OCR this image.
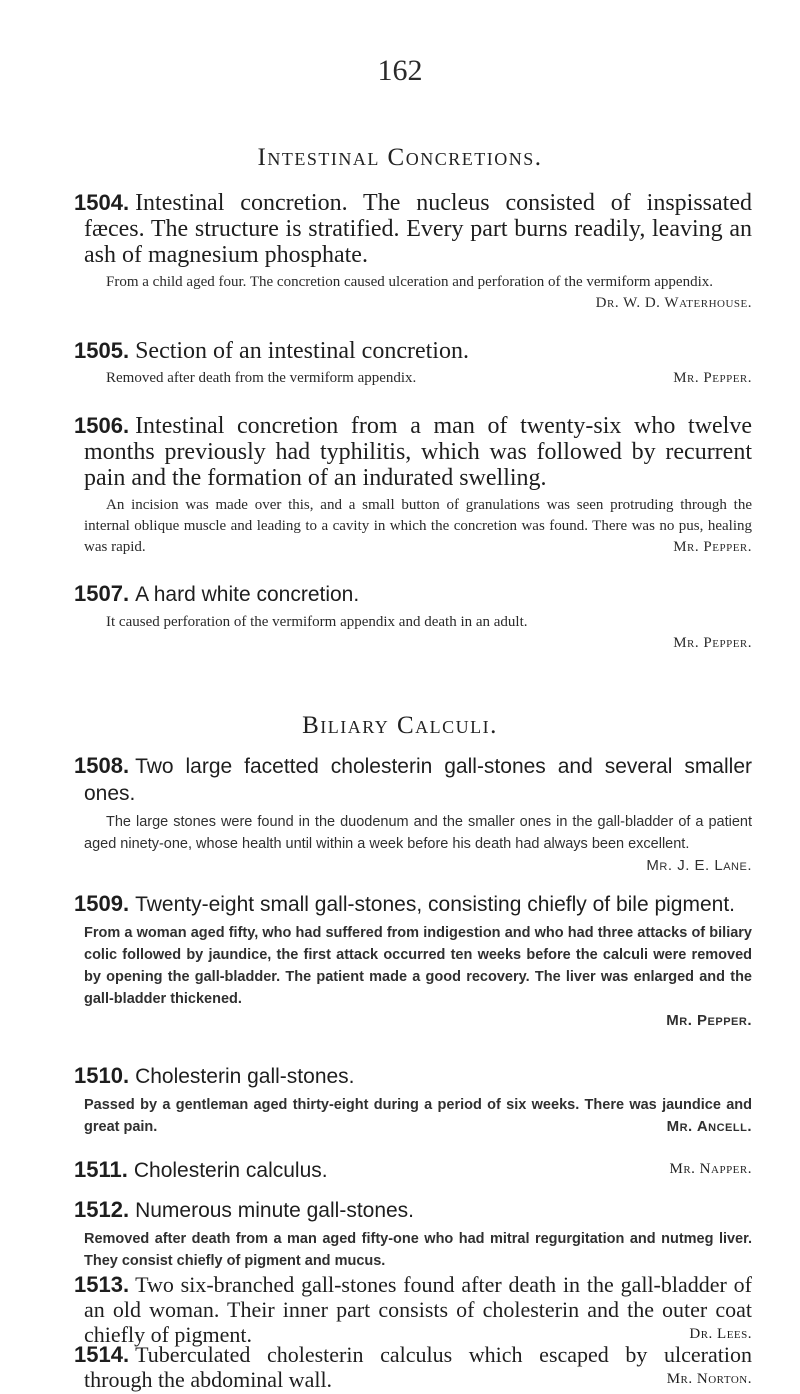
162
Intestinal Concretions.
1504. Intestinal concretion. The nucleus consisted of inspissated fæces. The structure is stratified. Every part burns readily, leaving an ash of magnesium phosphate.
From a child aged four. The concretion caused ulceration and perforation of the vermiform appendix.
Dr. W. D. Waterhouse.
1505. Section of an intestinal concretion.
Removed after death from the vermiform appendix.	Mr. Pepper.
1506. Intestinal concretion from a man of twenty-six who twelve months previously had typhilitis, which was followed by recurrent pain and the formation of an indurated swelling.
An incision was made over this, and a small button of granulations was seen protruding through the internal oblique muscle and leading to a cavity in which the concretion was found. There was no pus, healing was rapid.	Mr. Pepper.
1507. A hard white concretion.
It caused perforation of the vermiform appendix and death in an adult.
Mr. Pepper.
Biliary Calculi.
1508. Two large facetted cholesterin gall-stones and several smaller ones.
The large stones were found in the duodenum and the smaller ones in the gall-bladder of a patient aged ninety-one, whose health until within a week before his death had always been excellent.
Mr. J. E. Lane.
1509. Twenty-eight small gall-stones, consisting chiefly of bile pigment.
From a woman aged fifty, who had suffered from indigestion and who had three attacks of biliary colic followed by jaundice, the first attack occurred ten weeks before the calculi were removed by opening the gall-bladder. The patient made a good recovery. The liver was enlarged and the gall-bladder thickened.
Mr. Pepper.
1510. Cholesterin gall-stones.
Passed by a gentleman aged thirty-eight during a period of six weeks. There was jaundice and great pain.	Mr. Ancell.
1511. Cholesterin calculus.	Mr. Napper.
1512. Numerous minute gall-stones.
Removed after death from a man aged fifty-one who had mitral regurgitation and nutmeg liver. They consist chiefly of pigment and mucus.
1513. Two six-branched gall-stones found after death in the gall-bladder of an old woman. Their inner part consists of cholesterin and the outer coat chiefly of pigment.	Dr. Lees.
1514. Tuberculated cholesterin calculus which escaped by ulceration through the abdominal wall.	Mr. Norton.
